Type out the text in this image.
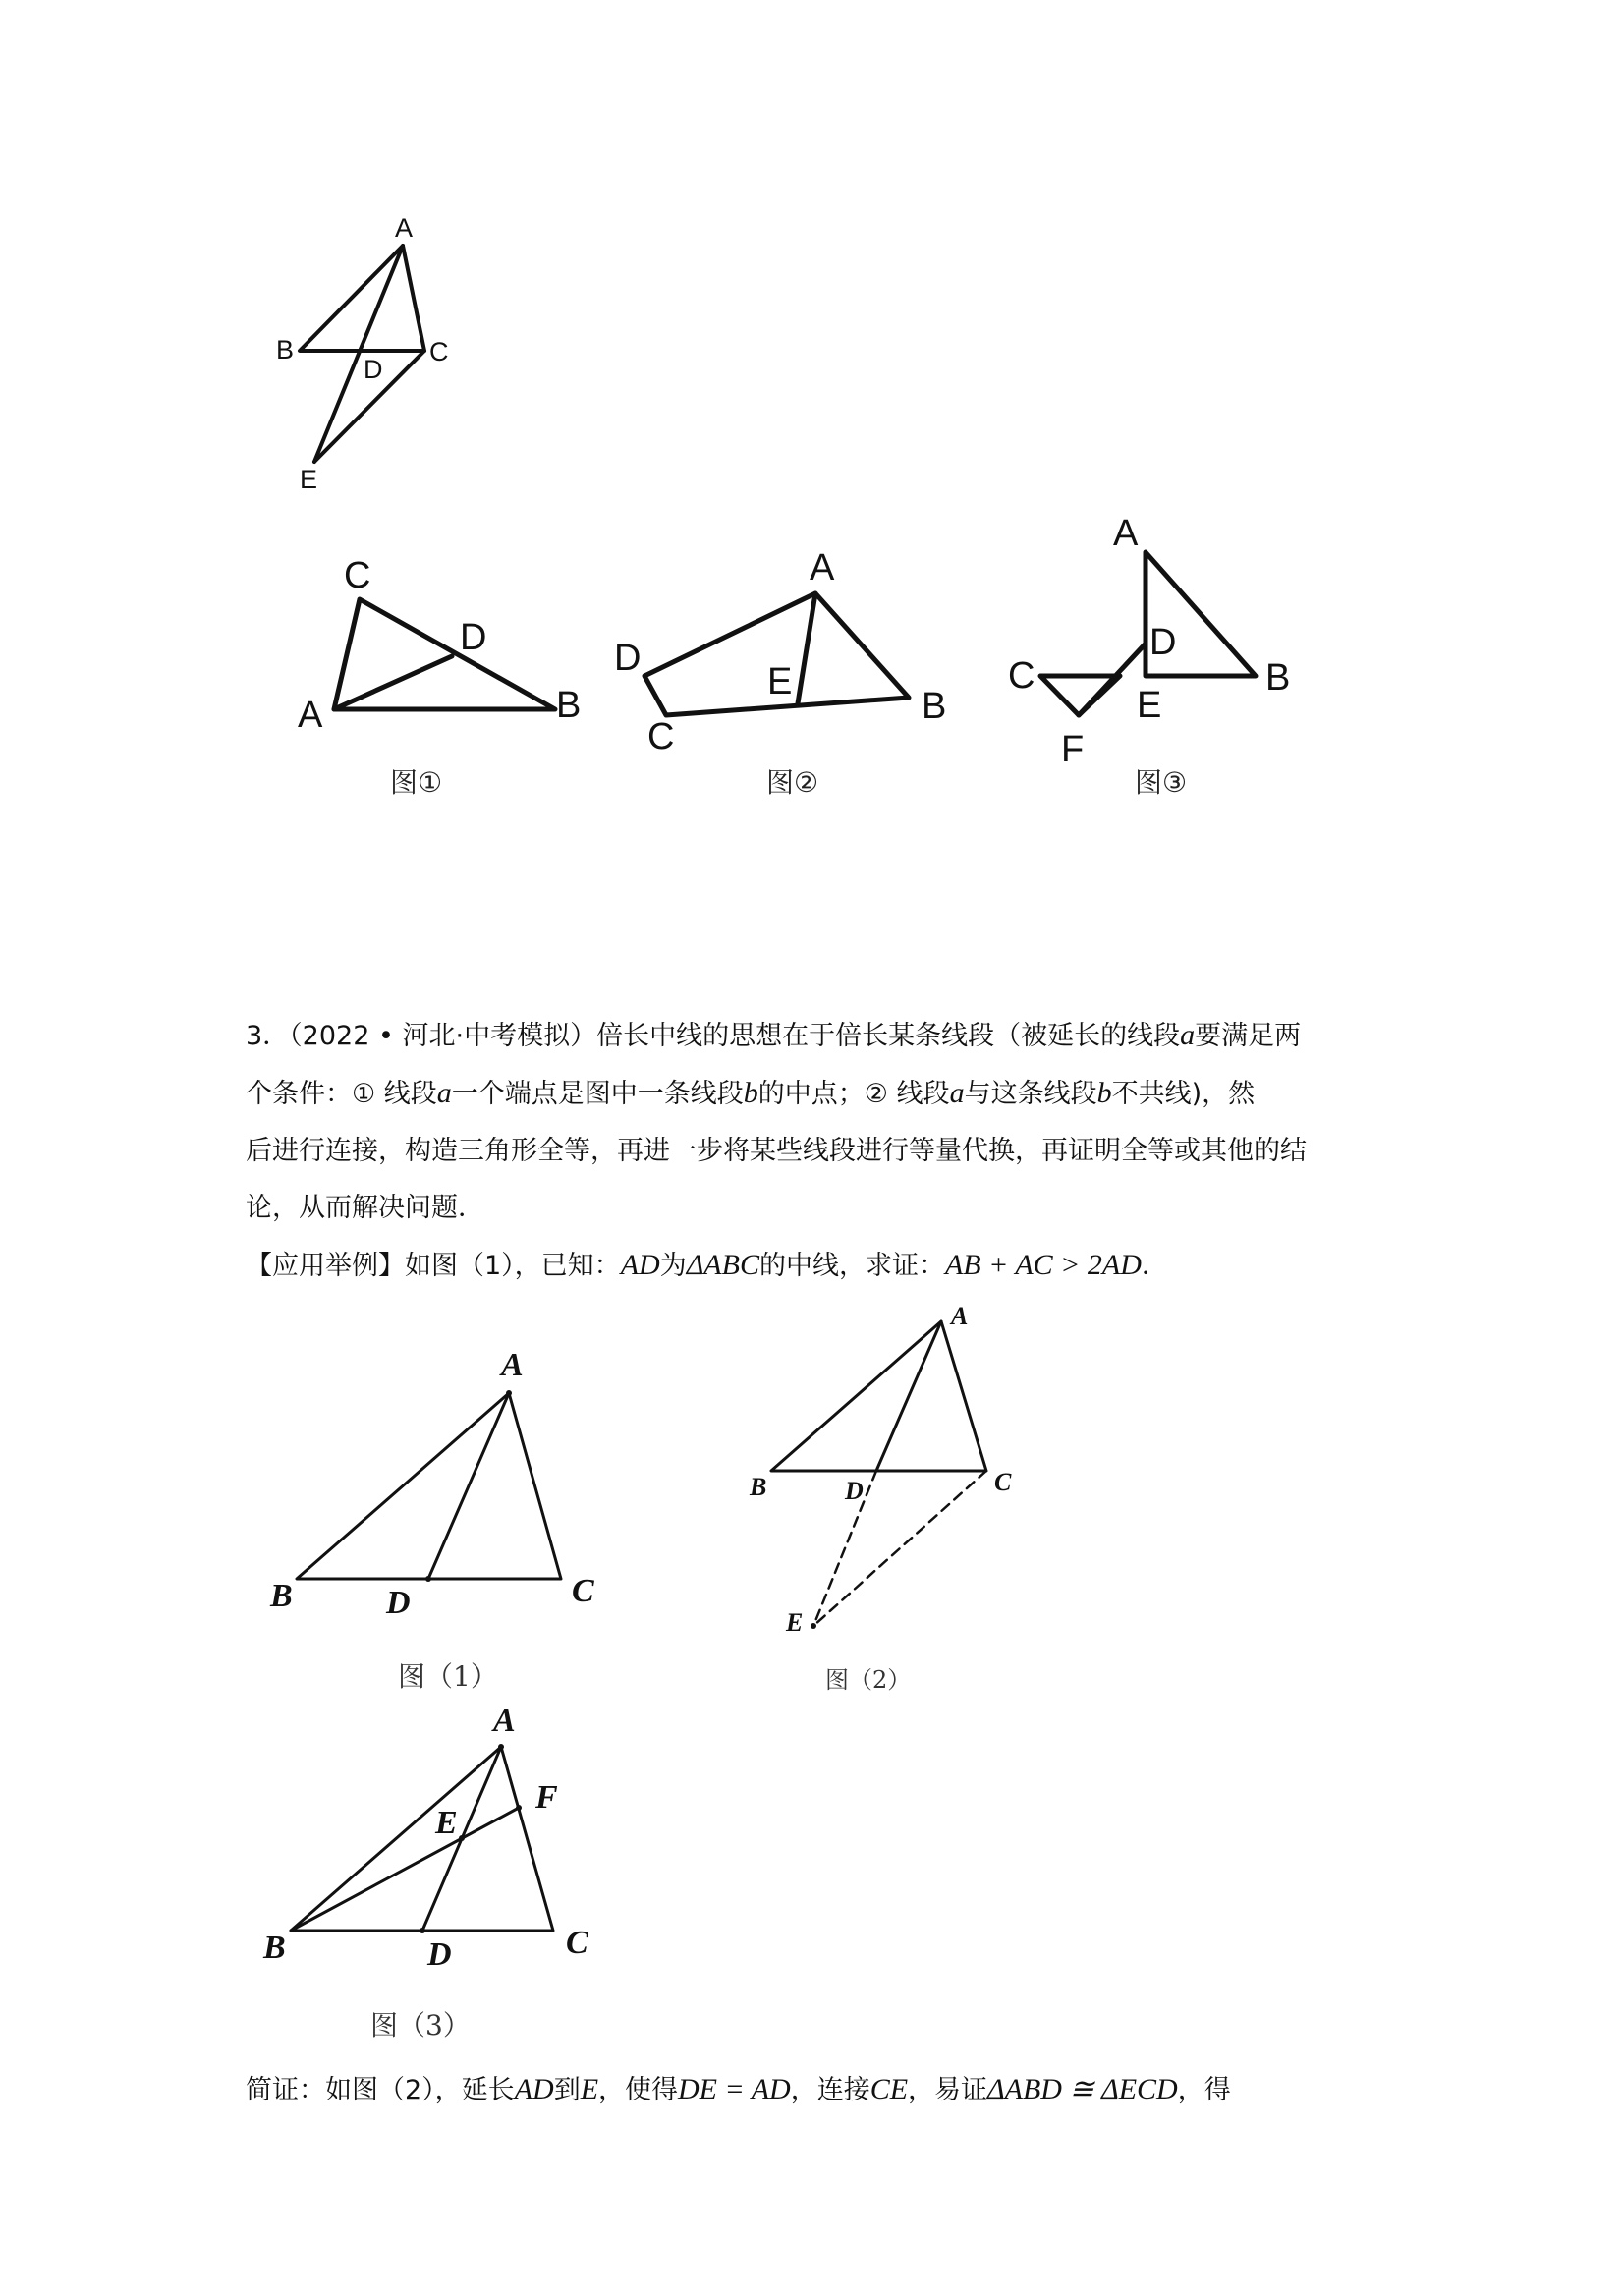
A
B	C
D
E
C
D
A	B
图①
A
D
E
B
C
图②
A
D
C
E
B
F
图③

3．（2022 • 河北·中考模拟）倍长中线的思想在于倍长某条线段（被延长的线段a要满足两

个条件：① 线段a一个端点是图中一条线段b的中点；② 线段a与这条线段b不共线)，然

后进行连接，构造三角形全等，再进一步将某些线段进行等量代换，再证明全等或其他的结

论，从而解决问题．

【应用举例】如图（1），已知：AD为ΔABC的中线，求证：AB + AC > 2AD．

A
B	D	C
图（1）
A
B	D	C
E
图（2）
A
F
E
B	D	C
图（3）

简证：如图（2），延长AD到E，使得DE = AD，连接CE，易证ΔABD ≅ ΔECD，得
